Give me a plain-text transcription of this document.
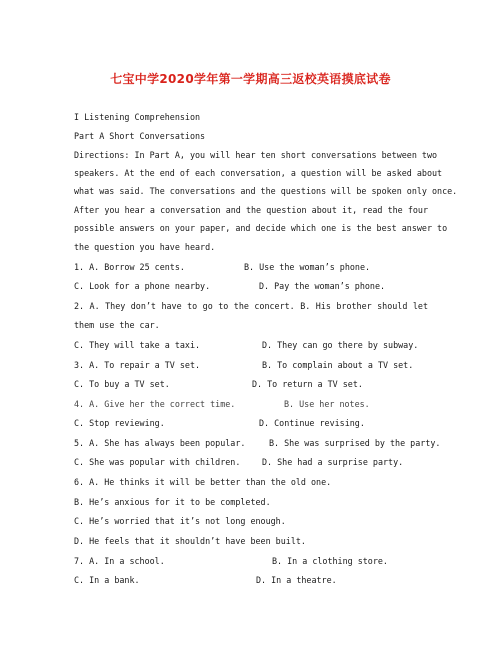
七宝中学2020学年第一学期高三返校英语摸底试卷
I Listening Comprehension
Part A Short Conversations
Directions: In Part A, you will hear ten short conversations between two
speakers. At the end of each conversation, a question will be asked about
what was said. The conversations and the questions will be spoken only once.
After you hear a conversation and the question about it, read the four
possible answers on your paper, and decide which one is the best answer to
the question you have heard.
1. A. Borrow 25 cents.	B. Use the woman’s phone.
C. Look for a phone nearby.	D. Pay the woman’s phone.
2. A. They don’t have to go to the concert. B. His brother should let
them use the car.
C. They will take a taxi.	D. They can go there by subway.
3. A. To repair a TV set.	B. To complain about a TV set.
C. To buy a TV set.	D. To return a TV set.
4. A. Give her the correct time.	B. Use her notes.
C. Stop reviewing.	D. Continue revising.
5. A. She has always been popular.	B. She was surprised by the party.
C. She was popular with children.	D. She had a surprise party.
6. A. He thinks it will be better than the old one.
B. He’s anxious for it to be completed.
C. He’s worried that it’s not long enough.
D. He feels that it shouldn’t have been built.
7. A. In a school.	B. In a clothing store.
C. In a bank.	D. In a theatre.
